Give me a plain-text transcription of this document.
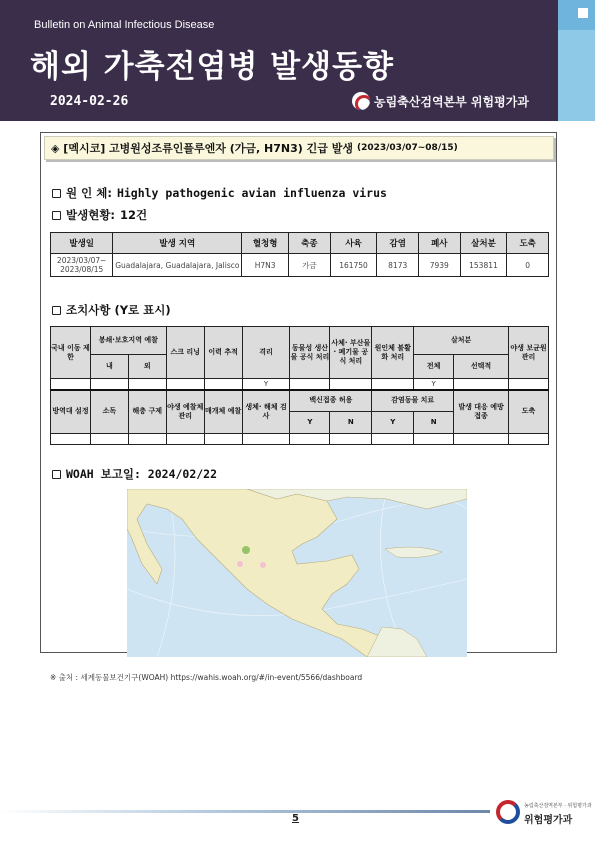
Bulletin on Animal Infectious Disease
해외 가축전염병 발생동향
2024-02-26	농림축산검역본부 위험평가과
◈ [멕시코] 고병원성조류인플루엔자 (가금, H7N3) 긴급 발생 (2023/03/07~08/15)
원 인 체: Highly pathogenic avian influenza virus
발생현황: 12건
발생일	발생 지역	혈청형	축종	사육	감염	폐사	살처분	도축
2023/03/07~ 2023/08/15	Guadalajara, Guadalajara, Jalisco	H7N3	가금	161750	8173	7939	153811	0
조치사항 (Y로 표시)
국내 이동 제한	봉쇄·보호지역 예찰		스크 리닝	이력 추적	격리	동물성 생산물 공식 처리	사체· 부산물· 폐기물 공식 처리	원인체 불활화 처리	살처분		야생 보균원 관리
	내	외							전체	선택적	
					Y				Y		
방역대 설정	소독	해충 구제	야생 예찰체 관리	매개체 예찰	생체· 해체 검사	백신접종 허용		감염동물 치료		발생 대응 예방 접종	도축
						Y	N	Y	N		

WOAH 보고일: 2024/02/22
※ 출처 : 세계동물보건기구(WOAH) https://wahis.woah.org/#/in-event/5566/dashboard
5
농림축산검역본부 · 위험평가과
위험평가과
